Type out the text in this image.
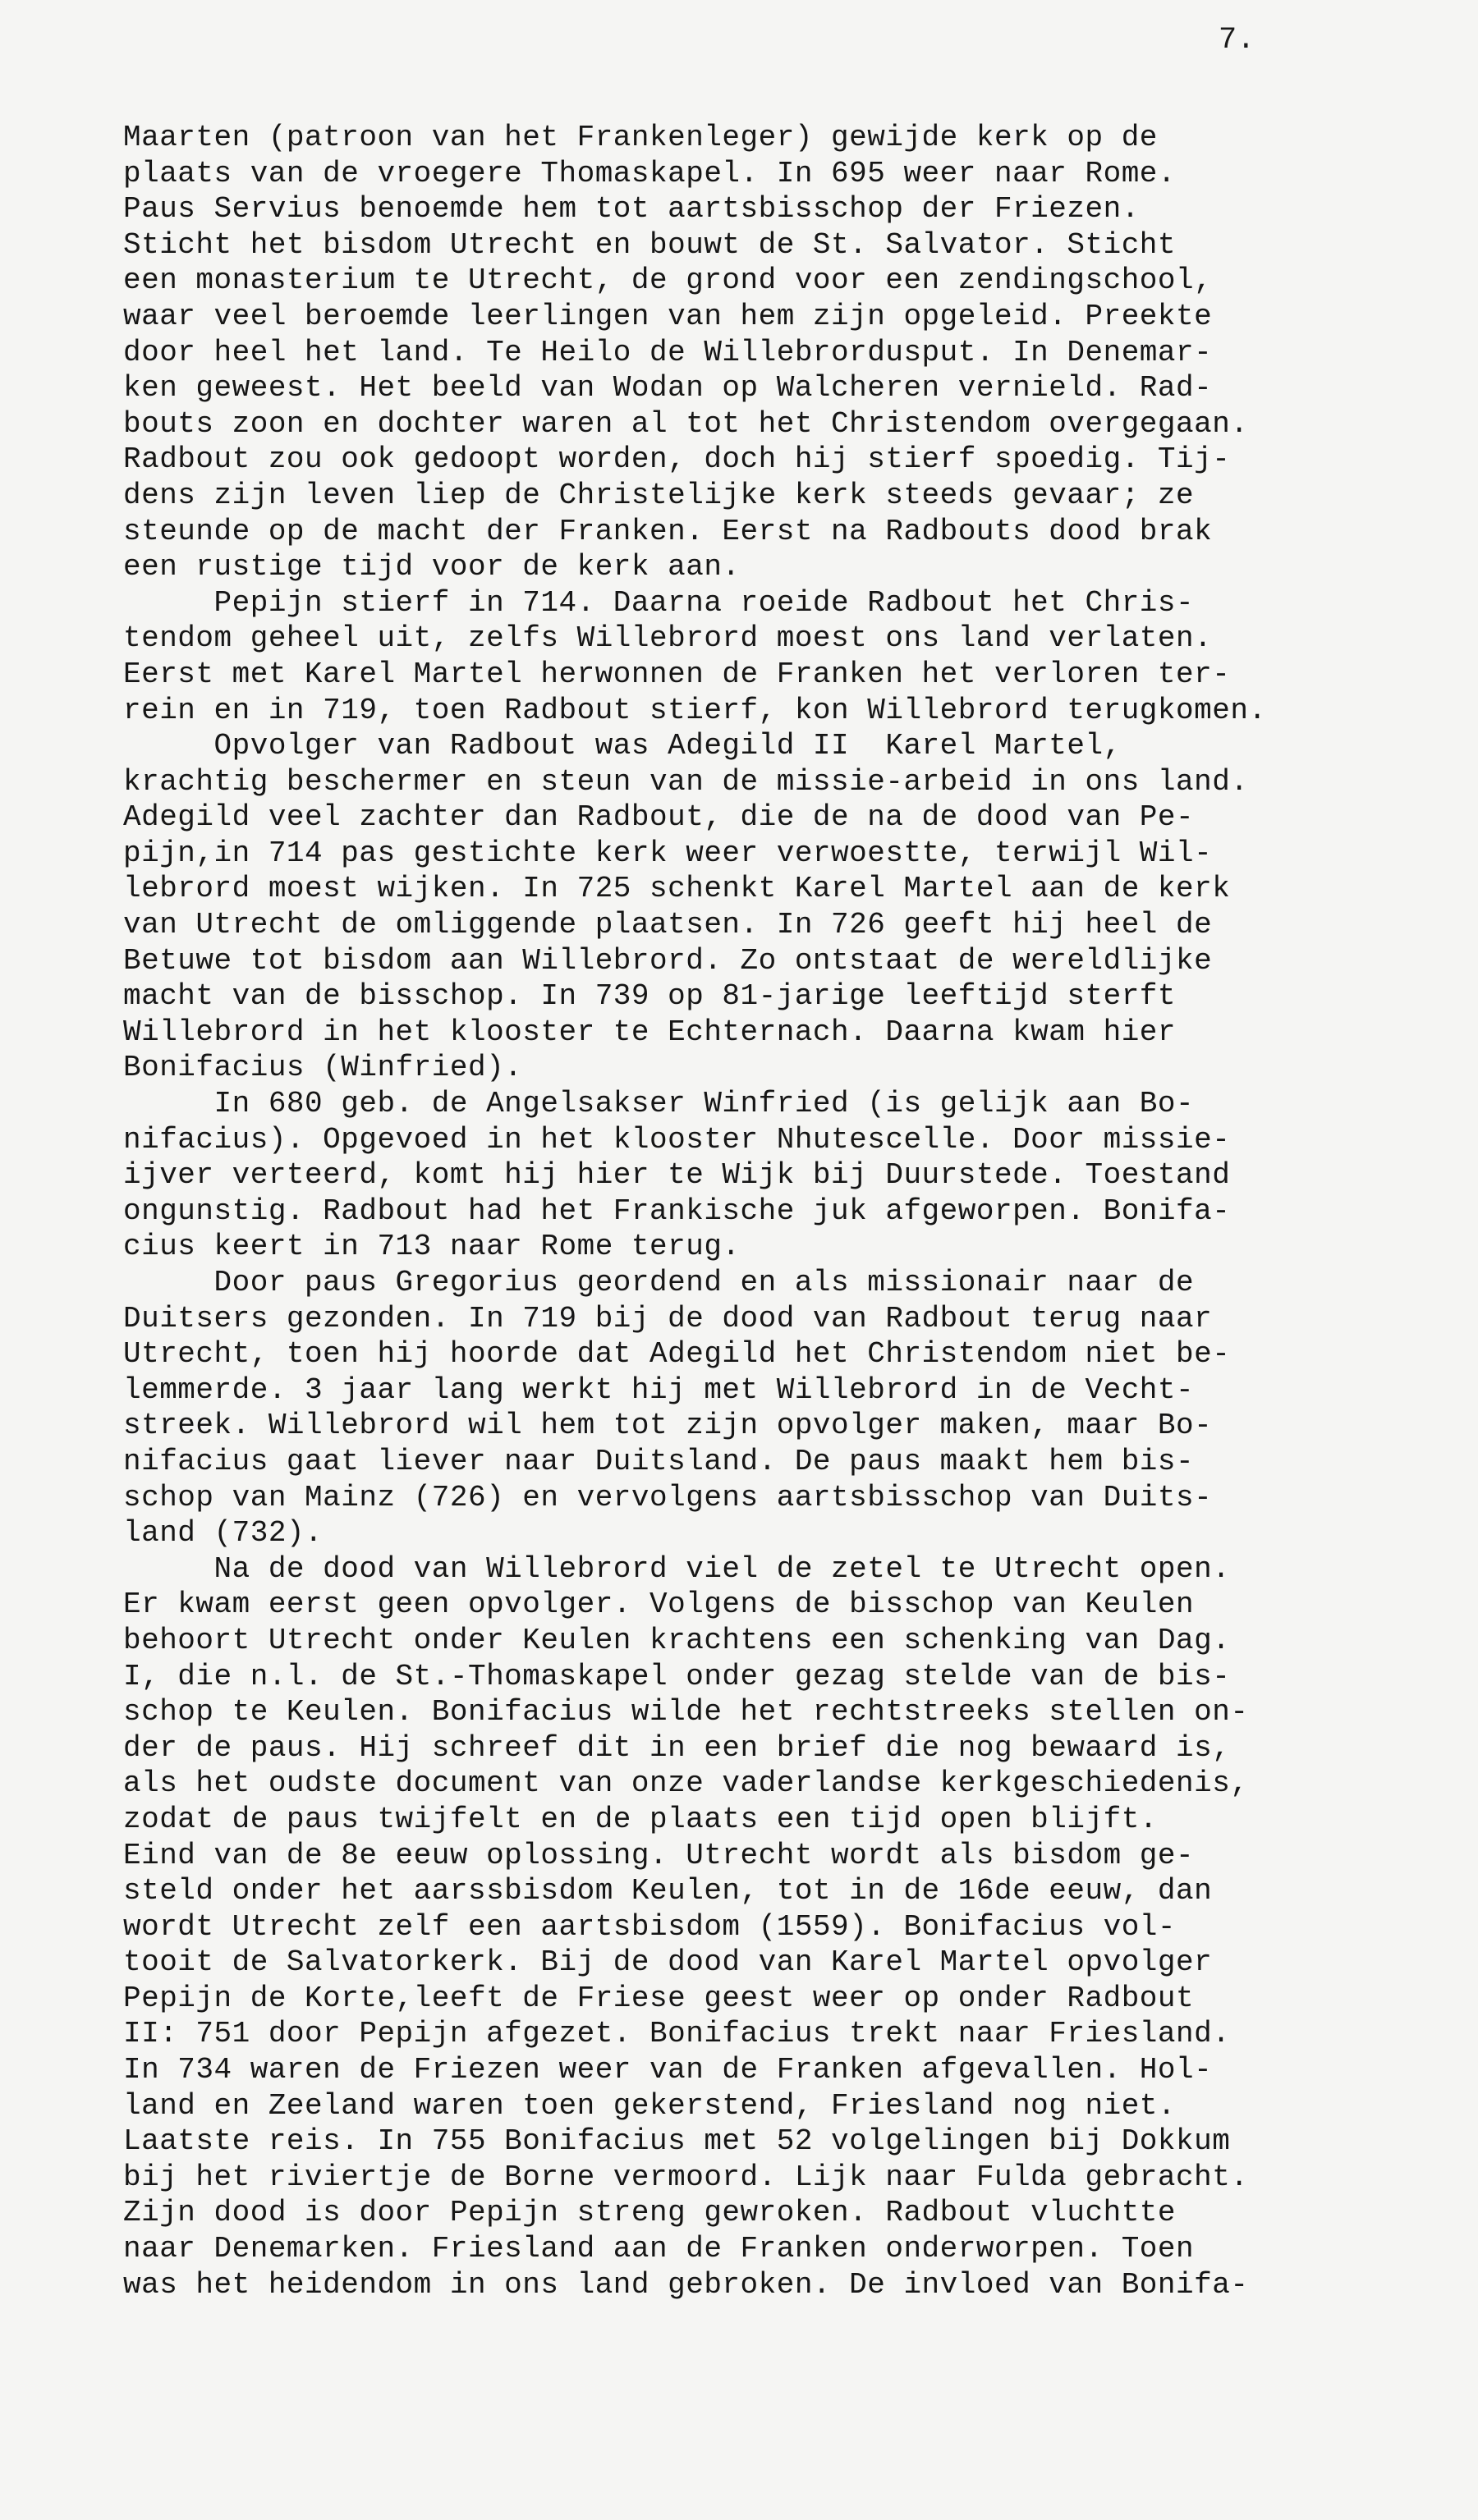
7.
Maarten (patroon van het Frankenleger) gewijde kerk op de
plaats van de vroegere Thomaskapel. In 695 weer naar Rome.
Paus Servius benoemde hem tot aartsbisschop der Friezen.
Sticht het bisdom Utrecht en bouwt de St. Salvator. Sticht
een monasterium te Utrecht, de grond voor een zendingschool,
waar veel beroemde leerlingen van hem zijn opgeleid. Preekte
door heel het land. Te Heilo de Willebrordusput. In Denemar-
ken geweest. Het beeld van Wodan op Walcheren vernield. Rad-
bouts zoon en dochter waren al tot het Christendom overgegaan.
Radbout zou ook gedoopt worden, doch hij stierf spoedig. Tij-
dens zijn leven liep de Christelijke kerk steeds gevaar; ze
steunde op de macht der Franken. Eerst na Radbouts dood brak
een rustige tijd voor de kerk aan.
Pepijn stierf in 714. Daarna roeide Radbout het Chris-
tendom geheel uit, zelfs Willebrord moest ons land verlaten.
Eerst met Karel Martel herwonnen de Franken het verloren ter-
rein en in 719, toen Radbout stierf, kon Willebrord terugkomen.
Opvolger van Radbout was Adegild II  Karel Martel,
krachtig beschermer en steun van de missie-arbeid in ons land.
Adegild veel zachter dan Radbout, die de na de dood van Pe-
pijn,in 714 pas gestichte kerk weer verwoestte, terwijl Wil-
lebrord moest wijken. In 725 schenkt Karel Martel aan de kerk
van Utrecht de omliggende plaatsen. In 726 geeft hij heel de
Betuwe tot bisdom aan Willebrord. Zo ontstaat de wereldlijke
macht van de bisschop. In 739 op 81-jarige leeftijd sterft
Willebrord in het klooster te Echternach. Daarna kwam hier
Bonifacius (Winfried).
In 680 geb. de Angelsakser Winfried (is gelijk aan Bo-
nifacius). Opgevoed in het klooster Nhutescelle. Door missie-
ijver verteerd, komt hij hier te Wijk bij Duurstede. Toestand
ongunstig. Radbout had het Frankische juk afgeworpen. Bonifa-
cius keert in 713 naar Rome terug.
Door paus Gregorius geordend en als missionair naar de
Duitsers gezonden. In 719 bij de dood van Radbout terug naar
Utrecht, toen hij hoorde dat Adegild het Christendom niet be-
lemmerde. 3 jaar lang werkt hij met Willebrord in de Vecht-
streek. Willebrord wil hem tot zijn opvolger maken, maar Bo-
nifacius gaat liever naar Duitsland. De paus maakt hem bis-
schop van Mainz (726) en vervolgens aartsbisschop van Duits-
land (732).
Na de dood van Willebrord viel de zetel te Utrecht open.
Er kwam eerst geen opvolger. Volgens de bisschop van Keulen
behoort Utrecht onder Keulen krachtens een schenking van Dag.
I, die n.l. de St.-Thomaskapel onder gezag stelde van de bis-
schop te Keulen. Bonifacius wilde het rechtstreeks stellen on-
der de paus. Hij schreef dit in een brief die nog bewaard is,
als het oudste document van onze vaderlandse kerkgeschiedenis,
zodat de paus twijfelt en de plaats een tijd open blijft.
Eind van de 8e eeuw oplossing. Utrecht wordt als bisdom ge-
steld onder het aarssbisdom Keulen, tot in de 16de eeuw, dan
wordt Utrecht zelf een aartsbisdom (1559). Bonifacius vol-
tooit de Salvatorkerk. Bij de dood van Karel Martel opvolger
Pepijn de Korte,leeft de Friese geest weer op onder Radbout
II: 751 door Pepijn afgezet. Bonifacius trekt naar Friesland.
In 734 waren de Friezen weer van de Franken afgevallen. Hol-
land en Zeeland waren toen gekerstend, Friesland nog niet.
Laatste reis. In 755 Bonifacius met 52 volgelingen bij Dokkum
bij het riviertje de Borne vermoord. Lijk naar Fulda gebracht.
Zijn dood is door Pepijn streng gewroken. Radbout vluchtte
naar Denemarken. Friesland aan de Franken onderworpen. Toen
was het heidendom in ons land gebroken. De invloed van Bonifa-
